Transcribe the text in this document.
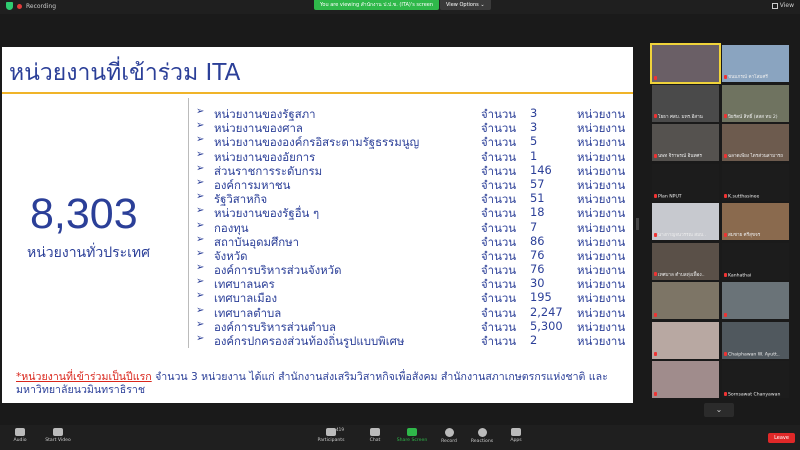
Recording	You are viewing สำนักงาน ป.ป.ช. (ITA)'s screen	View Options ⌄	View
หน่วยงานที่เข้าร่วม ITA
8,303
หน่วยงานทั่วประเทศ
➢ หน่วยงานของรัฐสภา	จำนวน 3	หน่วยงาน
➢ หน่วยงานของศาล	จำนวน 3	หน่วยงาน
➢ หน่วยงานขององค์กรอิสระตามรัฐธรรมนูญ	จำนวน 5	หน่วยงาน
➢ หน่วยงานของอัยการ	จำนวน 1	หน่วยงาน
➢ ส่วนราชการระดับกรม	จำนวน 146 หน่วยงาน
➢ องค์การมหาชน	จำนวน 57	หน่วยงาน
➢ รัฐวิสาหกิจ	จำนวน 51	หน่วยงาน
➢ หน่วยงานของรัฐอื่น ๆ	จำนวน 18	หน่วยงาน
➢ กองทุน	จำนวน 7	หน่วยงาน
➢ สถาบันอุดมศึกษา	จำนวน 86	หน่วยงาน
➢ จังหวัด	จำนวน 76	หน่วยงาน
➢ องค์การบริหารส่วนจังหวัด	จำนวน 76	หน่วยงาน
➢ เทศบาลนคร	จำนวน 30	หน่วยงาน
➢ เทศบาลเมือง	จำนวน 195 หน่วยงาน
➢ เทศบาลตำบล	จำนวน 2,247 หน่วยงาน
➢ องค์การบริหารส่วนตำบล	จำนวน 5,300 หน่วยงาน
➢ องค์กรปกครองส่วนท้องถิ่นรูปแบบพิเศษ	จำนวน 2	หน่วยงาน
*หน่วยงานที่เข้าร่วมเป็นปีแรก จำนวน 3 หน่วยงาน ได้แก่ สำนักงานส่งเสริมวิสาหกิจเพื่อสังคม สำนักงานสภาเกษตรกรแห่งชาติ และมหาวิทยาลัยนวมินทราธิราช
ชนมภรณ์ คาโสมศรี
โยธา ศสบ. มทร.อีสาน	ปิยรัตน์ สิทธิ์ (สสส ทบ 2)
นพท จิราพรณ์ อินทศร	ฉลาดเพียง ไตรส่วนสามารถ
Plan NPUT	K.sutthasinee
นางกาญจนวรรณ สมบ..	สมชาย ศรีสุขจร
เทศบาล ตำบลทุ่งเฟื้อง..	Kanhathai
Chaiphawan W. Ayutt..
Sornsawat Chanyawan
⌄
Audio	Start Video	Participants
419
Chat	Share Screen	Record	Reactions	Apps	Leave
